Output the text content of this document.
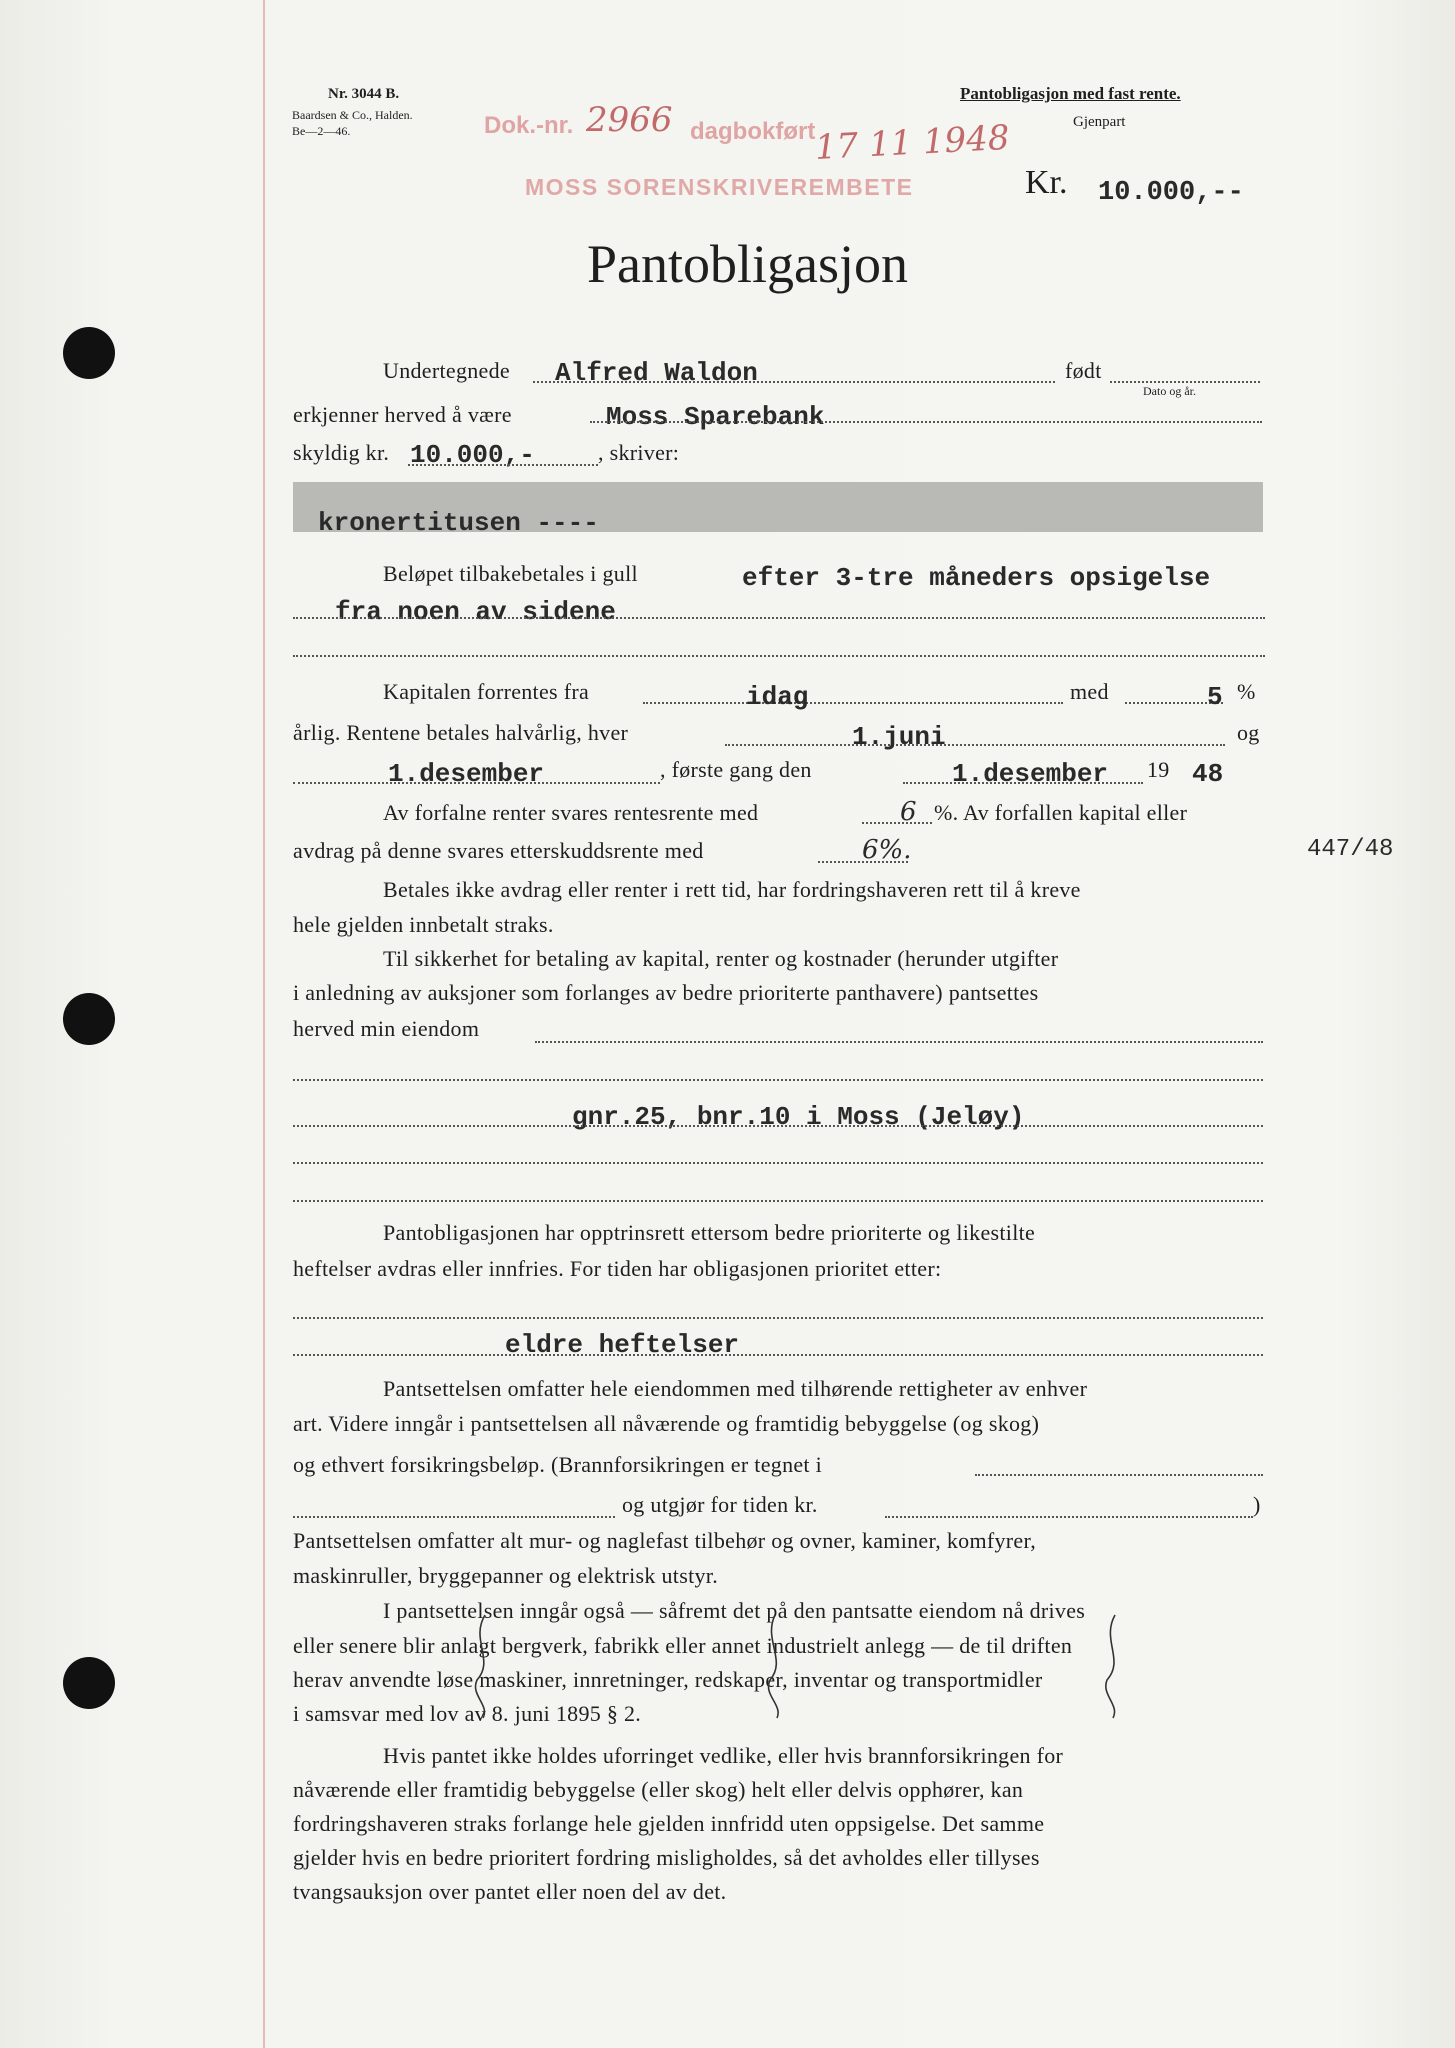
Nr. 3044 B.
Baardsen & Co., Halden.
Be—2—46.
Pantobligasjon med fast rente.
Gjenpart
Dok.-nr. 2966 dagbokført
17 11 1948
MOSS SORENSKRIVEREMBETE	Kr. 10.000,--
Pantobligasjon
Undertegnede Alfred Waldon	født
Dato og år.
erkjenner herved å være	Moss Sparebank
skyldig kr. 10.000,-	, skriver:
kronertitusen ----
Beløpet tilbakebetales i gull	efter 3-tre måneders opsigelse
fra noen av sidene
Kapitalen forrentes fra	idag	med	5 %
årlig. Rentene betales halvårlig, hver	1.juni	og
1.desember	, første gang den	1.desember 19 48
Av forfalne renter svares rentesrente med	6 %. Av forfallen kapital eller
avdrag på denne svares etterskuddsrente med	6%.	447/48
Betales ikke avdrag eller renter i rett tid, har fordringshaveren rett til å kreve
hele gjelden innbetalt straks.
Til sikkerhet for betaling av kapital, renter og kostnader (herunder utgifter
i anledning av auksjoner som forlanges av bedre prioriterte panthavere) pantsettes
herved min eiendom
gnr.25, bnr.10 i Moss (Jeløy)
Pantobligasjonen har opptrinsrett ettersom bedre prioriterte og likestilte
heftelser avdras eller innfries. For tiden har obligasjonen prioritet etter:
eldre heftelser
Pantsettelsen omfatter hele eiendommen med tilhørende rettigheter av enhver
art. Videre inngår i pantsettelsen all nåværende og framtidig bebyggelse (og skog)
og ethvert forsikringsbeløp. (Brannforsikringen er tegnet i
og utgjør for tiden kr.	)
Pantsettelsen omfatter alt mur- og naglefast tilbehør og ovner, kaminer, komfyrer,
maskinruller, bryggepanner og elektrisk utstyr.
I pantsettelsen inngår også — såfremt det på den pantsatte eiendom nå drives
eller senere blir anlagt bergverk, fabrikk eller annet industrielt anlegg — de til driften
herav anvendte løse maskiner, innretninger, redskaper, inventar og transportmidler
i samsvar med lov av 8. juni 1895 § 2.
Hvis pantet ikke holdes uforringet vedlike, eller hvis brannforsikringen for
nåværende eller framtidig bebyggelse (eller skog) helt eller delvis opphører, kan
fordringshaveren straks forlange hele gjelden innfridd uten oppsigelse. Det samme
gjelder hvis en bedre prioritert fordring misligholdes, så det avholdes eller tillyses
tvangsauksjon over pantet eller noen del av det.
